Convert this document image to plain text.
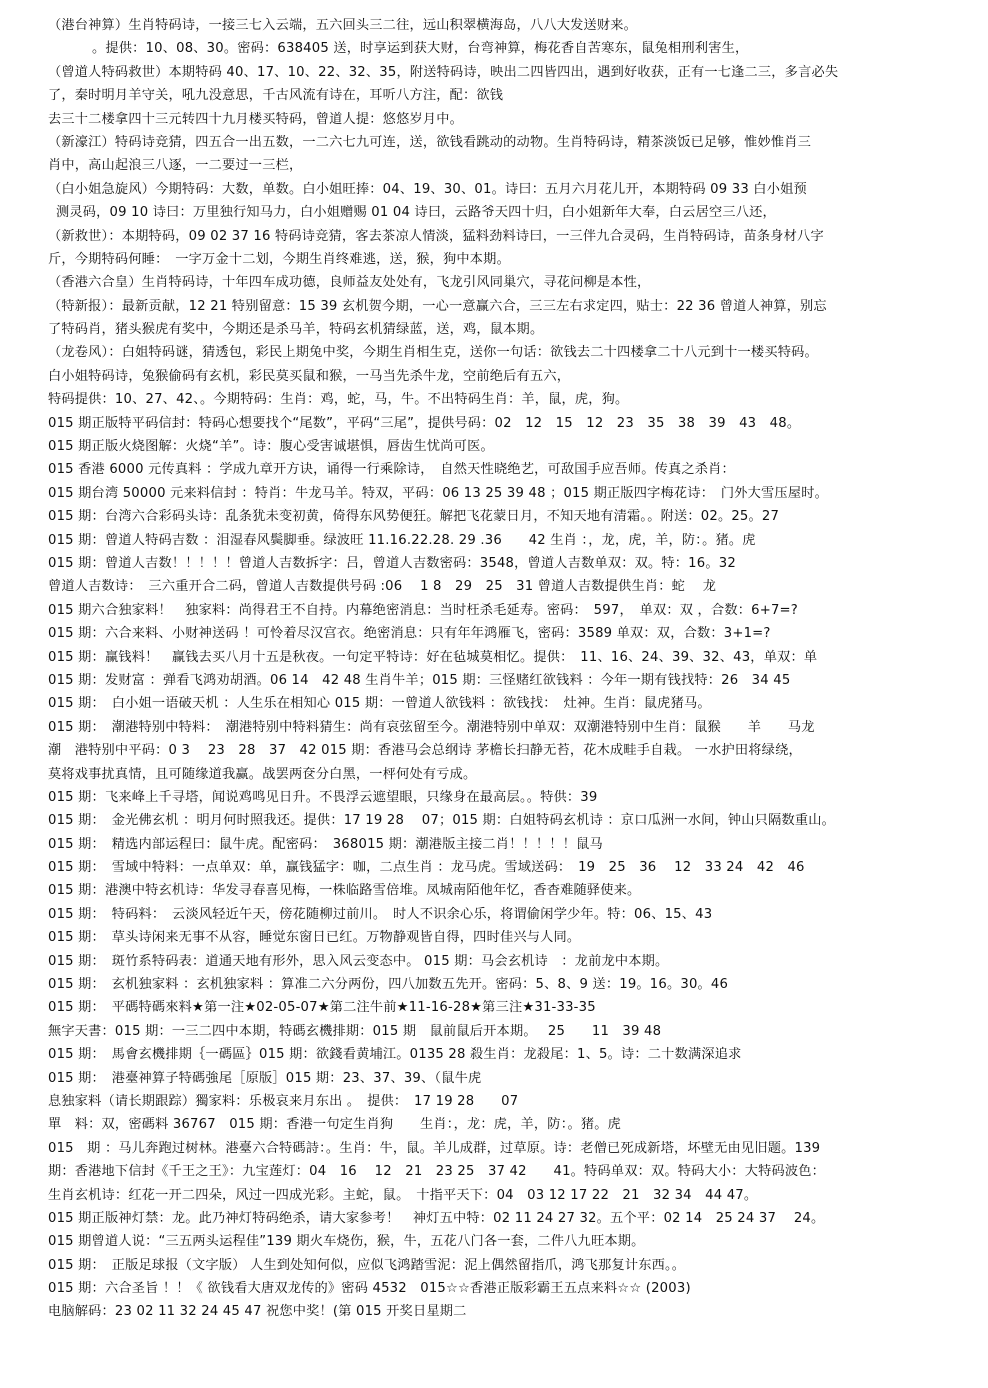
（港台神算）生肖特码诗，一接三七入云端，五六回头三二往，远山积翠横海岛，八八大发送财来。
。提供：10、08、30。密码：638405 送，时享运到获大财，台弯神算，梅花香自苦寒东，鼠兔相刑利害生，
（曾道人特码救世）本期特码 40、17、10、22、32、35，附送特码诗，映出二四皆四出，遇到好收获，正有一七逢二三，多言必失
了，秦时明月羊守关，吼九没意思，千古风流有诗在，耳听八方注，配：欲钱
去三十二楼拿四十三元转四十九月楼买特码，曾道人提：悠悠岁月中。
（新濠江）特码诗竞猜，四五合一出五数，一二六七九可连，送，欲钱看跳动的动物。生肖特码诗，精茶淡饭已足够，惟妙惟肖三
肖中，高山起浪三八逐，一二要过一三栏，
（白小姐急旋风）今期特码：大数，单数。白小姐旺捧：04、19、30、01。诗曰：五月六月花儿开，本期特码 09 33 白小姐预
测灵码，09 10 诗曰：万里独行知马力，白小姐赠赐 01 04 诗曰，云路爷天四十归，白小姐新年大奉，白云居空三八还，
（新救世）：本期特码，09 02 37 16 特码诗竞猜，客去茶凉人情淡，猛料劲料诗曰，一三伴九合灵码，生肖特码诗，苗条身材八字
斤，今期特码何睡：　一字万金十二划，今期生肖终难逃，送，猴，狗中本期。
（香港六合皇）生肖特码诗，十年四车成功德，良师益友处处有，飞龙引风同巢穴，寻花问柳是本性，
（特新报）：最新贡献，12 21 特别留意：15 39 玄机贺今期，一心一意赢六合，三三左右求定四，贴士：22 36 曾道人神算，别忘
了特码肖，猪头猴虎有奖中，今期还是杀马羊，特码玄机猜绿蓝，送，鸡，鼠本期。
（龙卷风）：白姐特码谜，猜透包，彩民上期兔中奖，今期生肖相生克，送你一句话：欲钱去二十四楼拿二十八元到十一楼买特码。
白小姐特码诗，兔猴偷码有玄机，彩民莫买鼠和猴，一马当先杀牛龙，空前绝后有五六，
特码提供：10、27、42、。今期特码：生肖：鸡，蛇，马，牛。不出特码生肖：羊，鼠，虎，狗。
015 期正版特平码信封：特码心想要找个“尾数”，平码“三尾”，提供号码：02　12　15　12　23　35　38　39　43　48。
015 期正版火烧图解：火烧“羊”。诗：腹心受害诚堪惧，唇齿生忧尚可医。
015 香港 6000 元传真料 ：学成九章开方诀，诵得一行乘除诗，　自然天性晓绝艺，可敌国手应吾师。传真之杀肖：
015 期台湾 50000 元来料信封 ：特肖：牛龙马羊。特双，平码：06 13 25 39 48 ；015 期正版四字梅花诗：　门外大雪压屋时。
015 期：台湾六合彩码头诗：乱条犹未变初黄，倚得东风势便狂。解把飞花蒙日月，不知天地有清霜。。附送：02。25。27
015 期：曾道人特码吉数 ：泪湿春风鬓脚垂。绿波旺 11.16.22.28. 29 .36　　42 生肖 ：，龙，虎，羊，防：。猪。虎
015 期：曾道人吉数！！！！！曾道人吉数拆字：吕，曾道人吉数密码：3548，曾道人吉数单双：双。特：16。32
曾道人吉数诗：　三六重开合二码，曾道人吉数提供号码 :06　 1 8　29　25　31 曾道人吉数提供生肖：蛇　 龙
015 期六合独家料！　独家料：尚得君王不自持。内幕绝密消息：当时枉杀毛延寿。密码：　597，　单双：双 ，合数：6+7=?
015 期：六合来料、小财神送码 ！可怜着尽汉宫衣。绝密消息：只有年年鸿雁飞，密码：3589 单双：双，合数：3+1=?
015 期：赢钱料！　赢钱去买八月十五是秋夜。一句定平特诗：好在毡城莫相忆。提供：　11、16、24、39、32、43，单双：单
015 期：发财富 ：弹看飞鸿劝胡酒。06 14　42 48 生肖牛羊；015 期：三怪赌红欲钱料 ：今年一期有钱找特：26　34 45
015 期：　白小姐一语破天机 ：人生乐在相知心 015 期：一曾道人欲钱料 ：欲钱找：　灶神。生肖：鼠虎猪马。
015 期：　潮港特别中特料：　潮港特别中特料猜生：尚有哀弦留至今。潮港特别中单双：双潮港特别中生肖：鼠猴　　羊　　马龙
潮　港特别中平码：0 3　 23　28　37　42 015 期：香港马会总纲诗 茅檐长扫静无苔，花木成畦手自栽。 一水护田将绿绕，
莫将戏事扰真情，且可随缘道我赢。战罢两奁分白黑，一枰何处有亏成。
015 期：飞来峰上千寻塔，闻说鸡鸣见日升。不畏浮云遮望眼，只缘身在最高层。。特供：39
015 期：　金光佛玄机 ：明月何时照我还。提供：17 19 28　 07；015 期：白姐特码玄机诗 ：京口瓜洲一水间，钟山只隔数重山。
015 期：　精选内部运程曰：鼠牛虎。配密码：　368015 期：潮港版主接二肖！！！！！鼠马
015 期：　雪域中特料：一点单双：单，赢钱猛字：咖，二点生肖 ：龙马虎。雪域送码：　19　25　36　 12　33 24　42　46
015 期：港澳中特玄机诗：华发寻春喜见梅，一株临路雪倍堆。凤城南陌他年忆，香杳难随驿使来。
015 期：　特码料：　云淡风轻近午天，傍花随柳过前川。　时人不识余心乐，将谓偷闲学少年。特：06、15、43
015 期：　草头诗闲来无事不从容，睡觉东窗日已红。万物静观皆自得，四时佳兴与人同。
015 期：　斑竹系特码表：道通天地有形外，思入风云变态中。 015 期：马会玄机诗　：龙前龙中本期。
015 期：　玄机独家料 ：玄机独家料 ：算准二六分两份，四八加数五先开。密码：5、8、9 送：19。16。30。46
015 期：　平碼特碼來料★第一注★02-05-07★第二注牛前★11-16-28★第三注★31-33-35
無字天書：015 期：一三二四中本期，特碼玄機排期：015 期　鼠前鼠后开本期。　 25　　11　39 48
015 期：　馬會玄機排期｛一碼區｝015 期：欲錢看黄埔江。0135 28 殺生肖：龙殺尾：1、5。诗：二十数满深追求
015 期：　港臺神算子特碼強尾［原版］015 期：23、37、39、（鼠牛虎
息独家料（请长期跟踪）獨家料：乐极哀来月东出 。　提供：　17 19 28　　07
單　料：双，密碼料 36767　015 期：香港一句定生肖狗　　生肖：，龙：虎，羊，防：。猪。虎
015　期 ：马儿奔跑过树林。港臺六合特碼詩：。生肖：牛，鼠。羊儿成群，过草原。诗：老僧已死成新塔，坏壁无由见旧题。139
期：香港地下信封《千王之王》：九宝莲灯：04　16　 12　21　23 25　37 42　　41。特码单双：双。特码大小：大特码波色：
生肖玄机诗：红花一开二四朵，风过一四成光彩。主蛇，鼠。　十指平天下：04　03 12 17 22　21　32 34　44 47。
015 期正版神灯禁：龙。此乃神灯特码绝杀，请大家参考！　神灯五中特：02 11 24 27 32。五个平：02 14　25 24 37　 24。
015 期曾道人说：“三五两头运程佳”139 期火车烧伤，猴，牛，五花八门各一套，二件八九旺本期。
015 期：　正版足球报（文字版） 人生到处知何似，应似飞鸿踏雪泥：泥上偶然留指爪，鸿飞那复计东西。。
015 期：六合圣旨 ！！《 欲钱看大唐双龙传的》密码 4532　015☆☆香港正版彩霸王五点来料☆☆ (2003)
电脑解码：23 02 11 32 24 45 47 祝您中奖！(第 015 开奖日星期二
